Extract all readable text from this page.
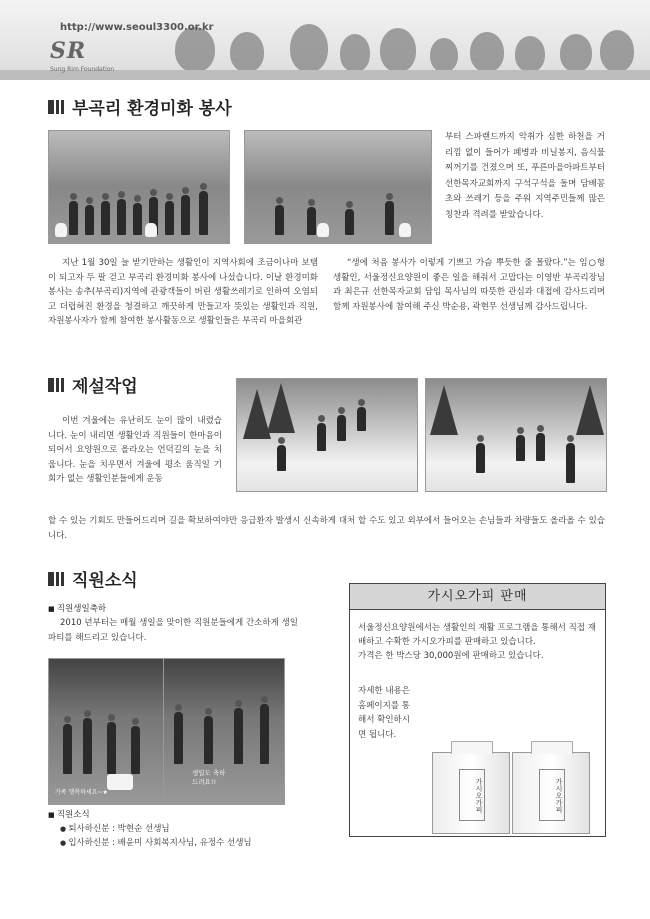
http://www.seoul3300.or.kr
SR
Sung Rim Foundation
부곡리 환경미화 봉사
부터 스파랜드까지 악취가 심한 하천을 거리낌 없이 들어가 폐병과 비닐봉지, 음식물찌꺼기를 건졌으며 또, 푸른마을아파트부터 선한목자교회까지 구석구석을 돌며 담배꽁초와 쓰레기 등을 주워 지역주민들께 많은 칭찬과 격려를 받았습니다.
지난 1월 30일 늘 받기만하는 생활인이 지역사회에 조금이나마 보탬이 되고자 두 팔 걷고 부곡리 환경미화 봉사에 나섰습니다. 이날 환경미화봉사는 송추(부곡리)지역에 관광객들이 버린 생활쓰레기로 인하여 오염되고 더럽혀진 환경을 청결하고 깨끗하게 만들고자 뜻있는 생활인과 직원, 자원봉사자가 함께 참여한 봉사활동으로 생활인들은 부곡리 마을회관
“생에 처음 봉사가 이렇게 기쁘고 가슴 뿌듯한 줄 몰랐다.”는 임○형 생활인, 서울정신요양원이 좋은 일을 해줘서 고맙다는 이영반 부곡리장님과 최은규 선한목자교회 담임 목사님의 따뜻한 관심과 대접에 감사드리며 함께 자원봉사에 참여해 주신 박순용, 곽현무 선생님께 감사드립니다.
제설작업
이번 겨울에는 유난히도 눈이 많이 내렸습니다. 눈이 내리면 생활인과 직원들이 한마음이 되어서 요양원으로 올라오는 언덕길의 눈을 치웁니다. 눈을 치우면서 겨울에 평소 움직일 기회가 없는 생활인분들에게 운동
할 수 있는 기회도 만들어드리며 길을 확보하여야만 응급환자 발생시 신속하게 대처 할 수도 있고 외부에서 들어오는 손님들과 차량들도 올라올 수 있습니다.
직원소식
■ 직원생일축하
2010 년부터는 매월 생일을 맞이한 직원분들에게 간소하게 생일파티를 해드리고 있습니다.
가족 행복하세요~★
생일도 축하드려요!!
■ 직원소식
● 퇴사하신분 : 박현순 선생님
● 입사하신분 : 배윤미 사회복지사님, 유정수 선생님
가시오가피 판매
서울정신요양원에서는 생활인의 재활 프로그램을 통해서 직접 재배하고 수확한 가시오가피를 판매하고 있습니다.
가격은 한 박스당 30,000원에 판매하고 있습니다.
자세한 내용은 홈페이지를 통해서 확인하시면 됩니다.
가시오가피	가시오가피
